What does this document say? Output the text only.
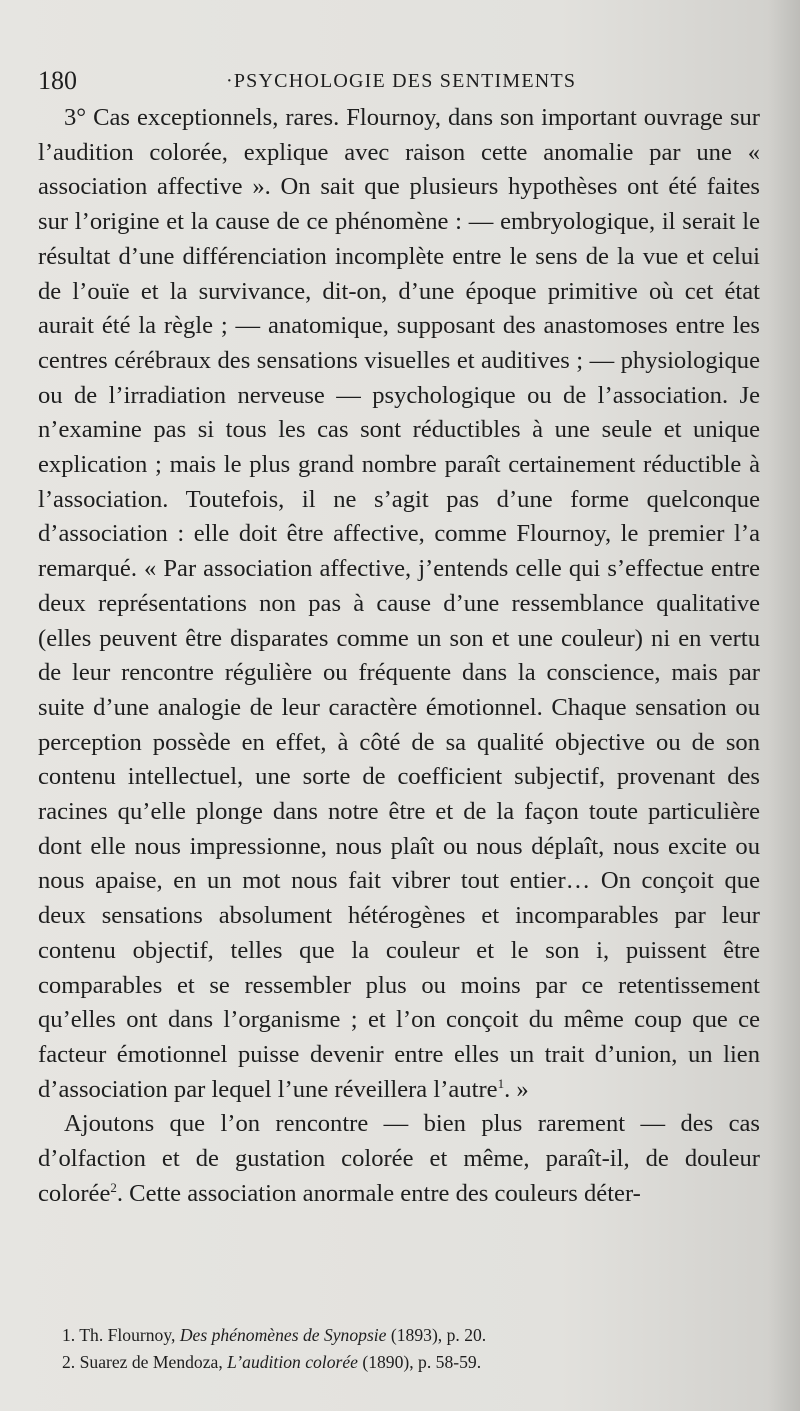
180	·PSYCHOLOGIE DES SENTIMENTS

3° Cas exceptionnels, rares. Flournoy, dans son important ouvrage sur l’audition colorée, explique avec raison cette anomalie par une « association affective ». On sait que plusieurs hypothèses ont été faites sur l’origine et la cause de ce phénomène : — embryologique, il serait le résultat d’une différenciation incomplète entre le sens de la vue et celui de l’ouïe et la survivance, dit-on, d’une époque primitive où cet état aurait été la règle ; — anatomique, supposant des anastomoses entre les centres cérébraux des sensations visuelles et auditives ; — physiologique ou de l’irradiation nerveuse — psychologique ou de l’association. Je n’examine pas si tous les cas sont réductibles à une seule et unique explication ; mais le plus grand nombre paraît certainement réductible à l’association. Toutefois, il ne s’agit pas d’une forme quelconque d’association : elle doit être affective, comme Flournoy, le premier l’a remarqué. « Par association affective, j’entends celle qui s’effectue entre deux représentations non pas à cause d’une ressemblance qualitative (elles peuvent être disparates comme un son et une couleur) ni en vertu de leur rencontre régulière ou fréquente dans la conscience, mais par suite d’une analogie de leur caractère émotionnel. Chaque sensation ou perception possède en effet, à côté de sa qualité objective ou de son contenu intellectuel, une sorte de coefficient subjectif, provenant des racines qu’elle plonge dans notre être et de la façon toute particulière dont elle nous impressionne, nous plaît ou nous déplaît, nous excite ou nous apaise, en un mot nous fait vibrer tout entier… On conçoit que deux sensations absolument hétérogènes et incomparables par leur contenu objectif, telles que la couleur et le son i, puissent être comparables et se ressembler plus ou moins par ce retentissement qu’elles ont dans l’organisme ; et l’on conçoit du même coup que ce facteur émotionnel puisse devenir entre elles un trait d’union, un lien d’association par lequel l’une réveillera l’autre$^1$. »

Ajoutons que l’on rencontre — bien plus rarement — des cas d’olfaction et de gustation colorée et même, paraît-il, de douleur colorée$^2$. Cette association anormale entre des couleurs déter-

1. Th. Flournoy, Des phénomènes de Synopsie (1893), p. 20.
2. Suarez de Mendoza, L’audition colorée (1890), p. 58-59.
